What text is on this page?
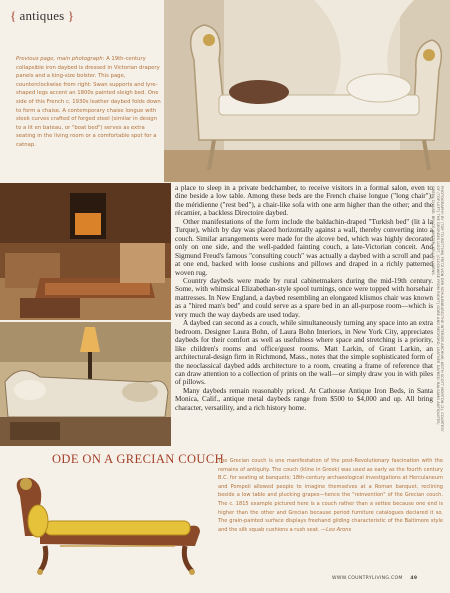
{ antiques }
Previous page, main photograph: A 19th-century collapsible iron daybed is dressed in Victorian drapery panels and a king-size bolster. This page, counterclockwise from right: Swan supports and lyre-shaped legs accent an 1800s painted sleigh bed. One side of this French c. 1930s leather daybed folds down to form a chaise. A contemporary chaise longue with sleek curves crafted of forged steel (similar in design to a lit en bateau, or "boat bed") serves as extra seating in the living room or a comfortable spot for a catnap.

a place to sleep in a private bedchamber, to receive visitors in a formal salon, even to dine beside a low table. Among these beds are the French chaise longue ("long chair"); the méridienne ("rest bed"), a chair-like sofa with one arm higher than the other; and the récamier, a backless Directoire daybed.

Other manifestations of the form include the baldachin-draped "Turkish bed" (lit à la Turque), which by day was placed horizontally against a wall, thereby converting into a couch. Similar arrangements were made for the alcove bed, which was highly decorated only on one side, and the well-padded fainting couch, a late-Victorian conceit. And Sigmund Freud's famous "consulting couch" was actually a daybed with a scroll and pad at one end, backed with loose cushions and pillows and draped in a richly patterned woven rug.

Country daybeds were made by rural cabinetmakers during the mid-19th century. Some, with whimsical Elizabethan-style spool turnings, once were topped with horsehair mattresses. In New England, a daybed resembling an elongated klismos chair was known as a "hired man's bed" and could serve as a spare bed in an all-purpose room—which is very much the way daybeds are used today.

A daybed can second as a couch, while simultaneously turning any space into an extra bedroom. Designer Laura Bohn, of Laura Bohn Interiors, in New York City, appreciates daybeds for their comfort as well as usefulness where space and stretching is a priority, like children's rooms and office/guest rooms. Matt Larkin, of Grant Larkin, an architectural-design firm in Richmond, Mass., notes that the simple sophisticated form of the neoclassical daybed adds architecture to a room, creating a frame of reference that can draw attention to a collection of prints on the wall—or simply draw you in with piles of pillows.

Many daybeds remain reasonably priced. At Cathouse Antique Iron Beds, in Santa Monica, Calif., antique metal daybeds range from $500 to $4,000 and up. All bring character, versatility, and a rich history home.	PHOTOGRAPHY: BY (TOP TO BOTTOM) FRITZ VON DER SCHULENBURG/THE INTERIOR ARCHIVE; KEITH SCOTT MORTON (2). COURTESY OF (TOP LEFT) THE GEORGES LIGOT, (CLOCKWISE FROM RIGHT) GORE AND REDFORD; LEATHER DAYBED: BALSAMO ANTIQUITES; GREEK CHAISE: BRUCE WINTER; KELLEY LINENS.
ODE ON A GRECIAN COUCH
The Grecian couch is one manifestation of the post-Revolutionary fascination with the remains of antiquity. The couch (kline in Greek) was used as early as the fourth century B.C. for seating at banquets; 18th-century archaeological investigations at Herculaneum and Pompeii allowed people to imagine themselves at a Roman banquet, reclining beside a low table and plucking grapes—hence the "reinvention" of the Grecian couch. The c. 1815 example pictured here is a couch rather than a settee because one end is higher than the other and Grecian because period furniture catalogues declared it so. The grain-painted surface displays freehand gilding characteristic of the Baltimore style and the silk squab cushions a rush seat. —Leo Arons
WWW.COUNTRYLIVING.COM 49
